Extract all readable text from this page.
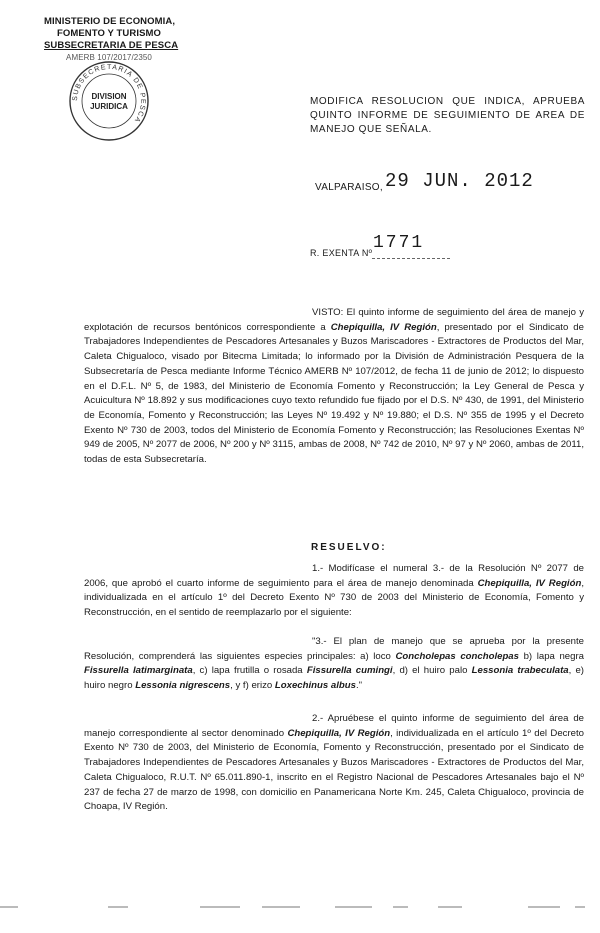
MINISTERIO DE ECONOMIA,
FOMENTO Y TURISMO
SUBSECRETARIA DE PESCA
AMERB 107/2017/2350
SUBSECRETARIA DE PESCA
DIVISION
JURIDICA	MODIFICA RESOLUCION QUE INDICA, APRUEBA QUINTO INFORME DE SEGUIMIENTO DE AREA DE MANEJO QUE SEÑALA.
VALPARAISO, 29 JUN. 2012
R. EXENTA Nº 1771
VISTO: El quinto informe de seguimiento del área de manejo y explotación de recursos bentónicos correspondiente a Chepiquilla, IV Región, presentado por el Sindicato de Trabajadores Independientes de Pescadores Artesanales y Buzos Mariscadores - Extractores de Productos del Mar, Caleta Chigualoco, visado por Bitecma Limitada; lo informado por la División de Administración Pesquera de la Subsecretaría de Pesca mediante Informe Técnico AMERB Nº 107/2012, de fecha 11 de junio de 2012; lo dispuesto en el D.F.L. Nº 5, de 1983, del Ministerio de Economía Fomento y Reconstrucción; la Ley General de Pesca y Acuicultura Nº 18.892 y sus modificaciones cuyo texto refundido fue fijado por el D.S. Nº 430, de 1991, del Ministerio de Economía, Fomento y Reconstrucción; las Leyes Nº 19.492 y Nº 19.880; el D.S. Nº 355 de 1995 y el Decreto Exento Nº 730 de 2003, todos del Ministerio de Economía Fomento y Reconstrucción; las Resoluciones Exentas Nº 949 de 2005, Nº 2077 de 2006, Nº 200 y Nº 3115, ambas de 2008, Nº 742 de 2010, Nº 97 y Nº 2060, ambas de 2011, todas de esta Subsecretaría.
RESUELVO:
1.- Modifícase el numeral 3.- de la Resolución Nº 2077 de 2006, que aprobó el cuarto informe de seguimiento para el área de manejo denominada Chepiquilla, IV Región, individualizada en el artículo 1º del Decreto Exento Nº 730 de 2003 del Ministerio de Economía, Fomento y Reconstrucción, en el sentido de reemplazarlo por el siguiente:
"3.- El plan de manejo que se aprueba por la presente Resolución, comprenderá las siguientes especies principales: a) loco Concholepas concholepas b) lapa negra Fissurella latimarginata, c) lapa frutilla o rosada Fissurella cumingi, d) el huiro palo Lessonia trabeculata, e) huiro negro Lessonia nigrescens, y f) erizo Loxechinus albus."
2.- Apruébese el quinto informe de seguimiento del área de manejo correspondiente al sector denominado Chepiquilla, IV Región, individualizada en el artículo 1º del Decreto Exento Nº 730 de 2003, del Ministerio de Economía, Fomento y Reconstrucción, presentado por el Sindicato de Trabajadores Independientes de Pescadores Artesanales y Buzos Mariscadores - Extractores de Productos del Mar, Caleta Chigualoco, R.U.T. Nº 65.011.890-1, inscrito en el Registro Nacional de Pescadores Artesanales bajo el Nº 237 de fecha 27 de marzo de 1998, con domicilio en Panamericana Norte Km. 245, Caleta Chigualoco, provincia de Choapa, IV Región.
